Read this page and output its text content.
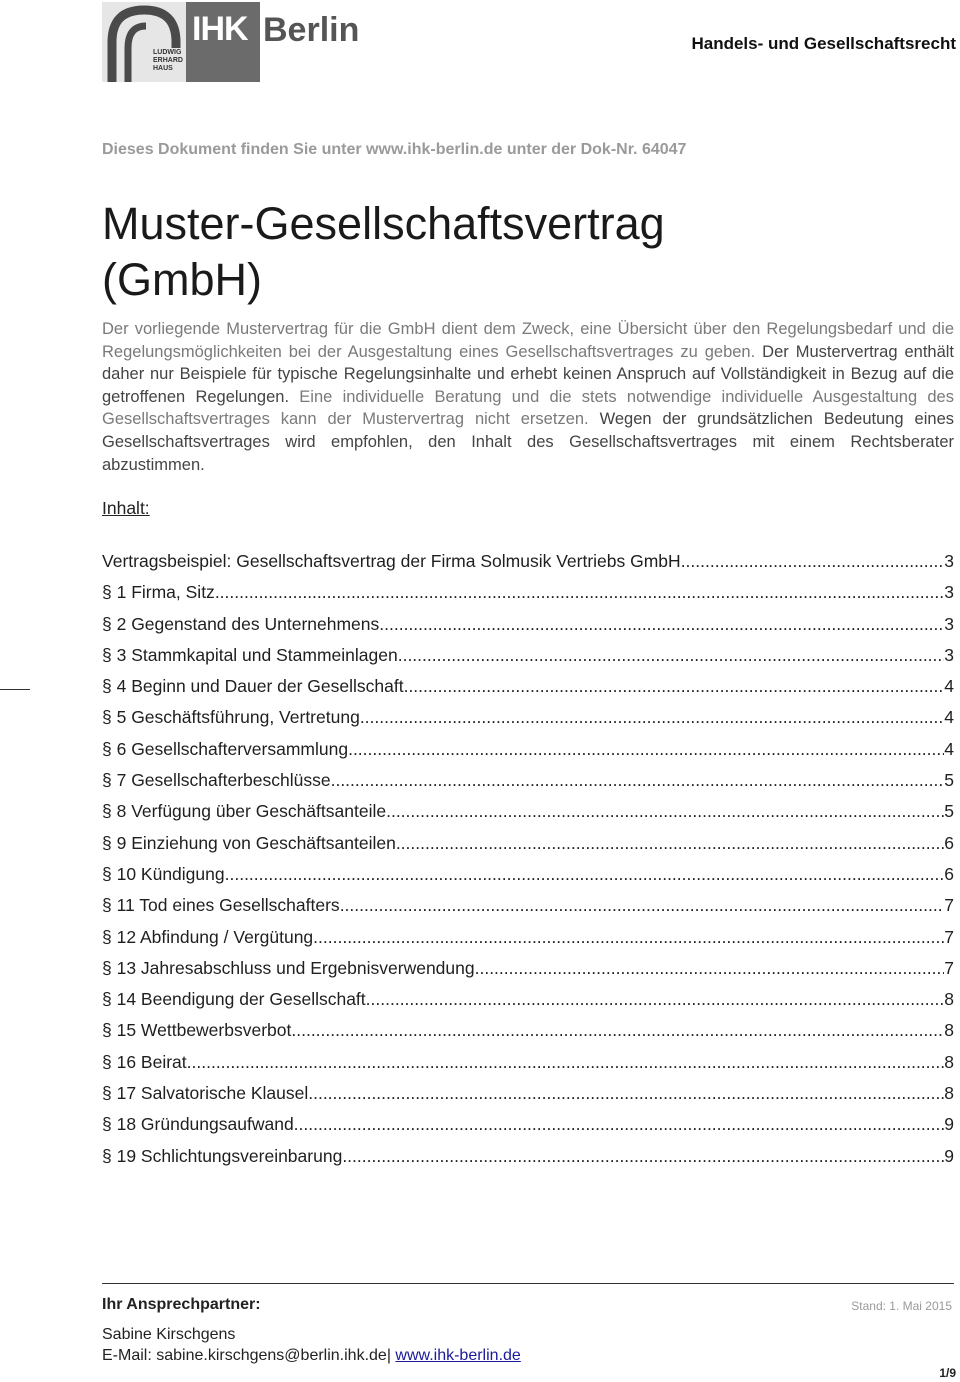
LUDWIG ERHARD HAUS
IHK Berlin	Handels- und Gesellschaftsrecht
Dieses Dokument finden Sie unter www.ihk-berlin.de unter der Dok-Nr. 64047
Muster-Gesellschaftsvertrag
(GmbH)

Der vorliegende Mustervertrag für die GmbH dient dem Zweck, eine Übersicht über den Regelungsbedarf und die Regelungsmöglichkeiten bei der Ausgestaltung eines Gesellschaftsvertrages zu geben.

Der Mustervertrag enthält daher nur Beispiele für typische Regelungsinhalte und erhebt keinen Anspruch auf Vollständigkeit in Bezug auf die getroffenen Regelungen.

Eine individuelle Beratung und die stets notwendige individuelle Ausgestaltung des Gesellschaftsvertrages kann der Mustervertrag nicht ersetzen.

Wegen der grundsätzlichen Bedeutung eines Gesellschaftsvertrages wird empfohlen, den Inhalt des Gesellschaftsvertrages mit einem Rechtsberater abzustimmen.

Inhalt:
Vertragsbeispiel: Gesellschaftsvertrag der Firma Solmusik Vertriebs GmbH .....	3
§ 1 Firma, Sitz .....	3
§ 2 Gegenstand des Unternehmens .....	3
§ 3 Stammkapital und Stammeinlagen .....	3
§ 4 Beginn und Dauer der Gesellschaft .....	4
§ 5 Geschäftsführung, Vertretung .....	4
§ 6 Gesellschafterversammlung .....	4
§ 7 Gesellschafterbeschlüsse .....	5
§ 8 Verfügung über Geschäftsanteile .....	5
§ 9 Einziehung von Geschäftsanteilen .....	6
§ 10 Kündigung .....	6
§ 11 Tod eines Gesellschafters .....	7
§ 12 Abfindung / Vergütung .....	7
§ 13 Jahresabschluss und Ergebnisverwendung .....	7
§ 14 Beendigung der Gesellschaft .....	8
§ 15 Wettbewerbsverbot .....	8
§ 16 Beirat .....	8
§ 17 Salvatorische Klausel .....	8
§ 18 Gründungsaufwand .....	9
§ 19 Schlichtungsvereinbarung .....	9
Ihr Ansprechpartner:	Stand: 1. Mai 2015
Sabine Kirschgens
E-Mail: sabine.kirschgens@berlin.ihk.de| www.ihk-berlin.de
1/9
